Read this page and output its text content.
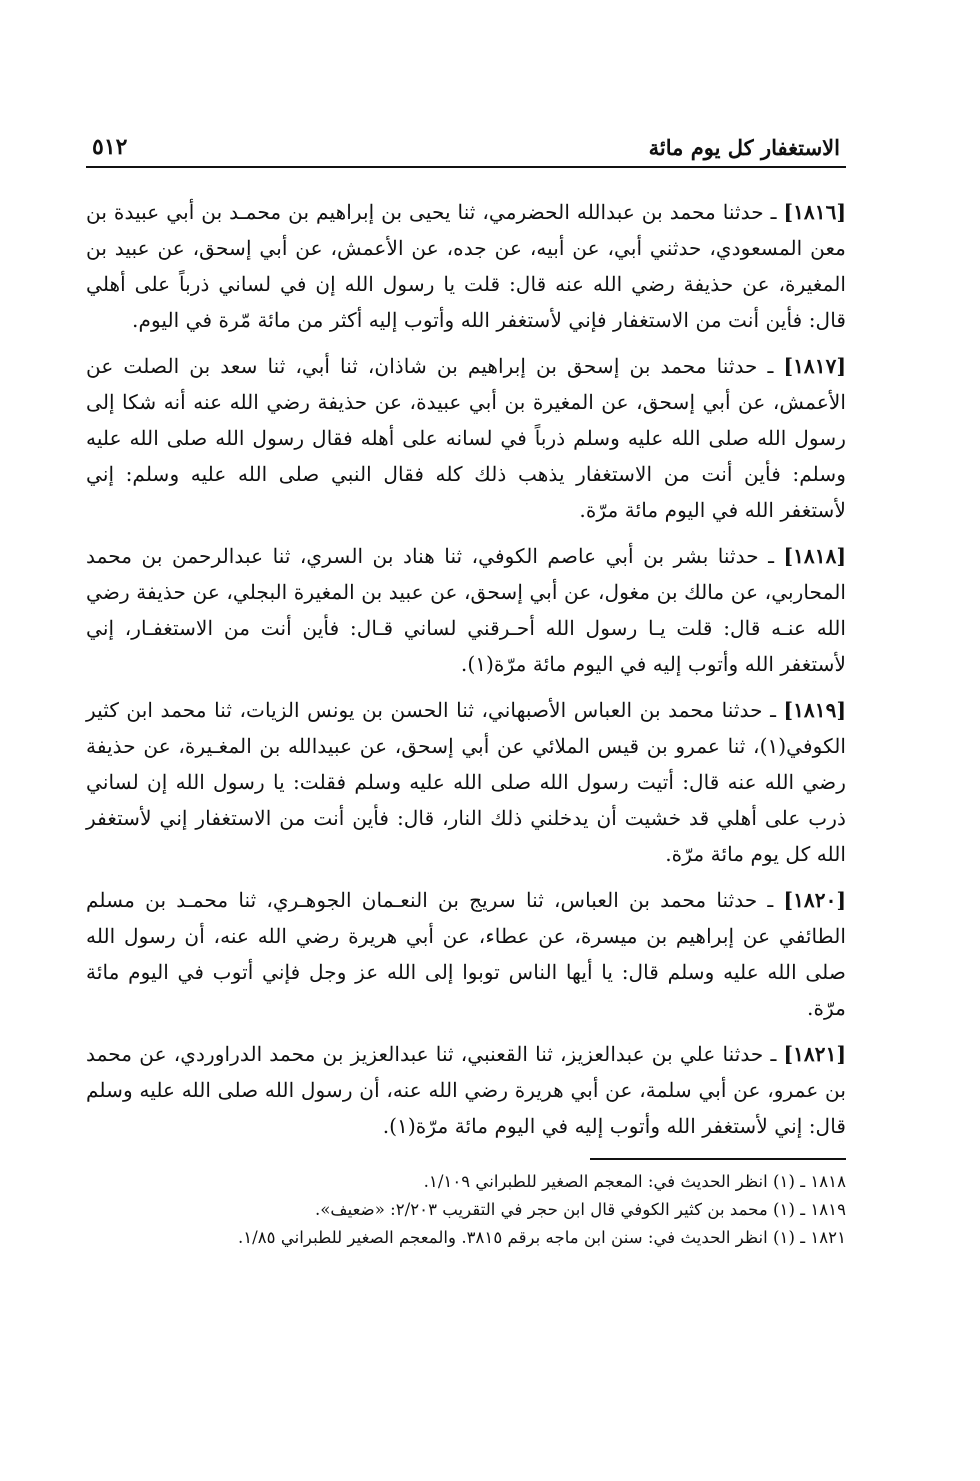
الاستغفار كل يوم مائة
٥١٢

[١٨١٦] ـ حدثنا محمد بن عبدالله الحضرمي، ثنا يحيى بن إبراهيم بن محمـد بن أبي عبيدة بن معن المسعودي، حدثني أبي، عن أبيه، عن جده، عن الأعمش، عن أبي إسحق، عن عبيد بن المغيرة، عن حذيفة رضي الله عنه قال: قلت يا رسول الله إن في لساني ذرباً على أهلي قال: فأين أنت من الاستغفار فإني لأستغفر الله وأتوب إليه أكثر من مائة مّرة في اليوم.

[١٨١٧] ـ حدثنا محمد بن إسحق بن إبراهيم بن شاذان، ثنا أبي، ثنا سعد بن الصلت عن الأعمش، عن أبي إسحق، عن المغيرة بن أبي عبيدة، عن حذيفة رضي الله عنه أنه شكا إلى رسول الله صلى الله عليه وسلم ذرباً في لسانه على أهله فقال رسول الله صلى الله عليه وسلم: فأين أنت من الاستغفار يذهب ذلك كله فقال النبي صلى الله عليه وسلم: إني لأستغفر الله في اليوم مائة مرّة.

[١٨١٨] ـ حدثنا بشر بن أبي عاصم الكوفي، ثنا هناد بن السري، ثنا عبدالرحمن بن محمد المحاربي، عن مالك بن مغول، عن أبي إسحق، عن عبيد بن المغيرة البجلي، عن حذيفة رضي الله عنـه قال: قلت يـا رسول الله أحـرقني لساني قـال: فأين أنت من الاستغفـار، إني لأستغفر الله وأتوب إليه في اليوم مائة مرّة(١).

[١٨١٩] ـ حدثنا محمد بن العباس الأصبهاني، ثنا الحسن بن يونس الزيات، ثنا محمد ابن كثير الكوفي(١)، ثنا عمرو بن قيس الملائي عن أبي إسحق، عن عبيدالله بن المغـيرة، عن حذيفة رضي الله عنه قال: أتيت رسول الله صلى الله عليه وسلم فقلت: يا رسول الله إن لساني ذرب على أهلي قد خشيت أن يدخلني ذلك النار، قال: فأين أنت من الاستغفار إني لأستغفر الله كل يوم مائة مرّة.

[١٨٢٠] ـ حدثنا محمد بن العباس، ثنا سريج بن النعـمان الجوهـري، ثنا محمـد بن مسلم الطائفي عن إبراهيم بن ميسرة، عن عطاء، عن أبي هريرة رضي الله عنه، أن رسول الله صلى الله عليه وسلم قال: يا أيها الناس توبوا إلى الله عز وجل فإني أتوب في اليوم مائة مرّة.

[١٨٢١] ـ حدثنا علي بن عبدالعزيز، ثنا القعنبي، ثنا عبدالعزيز بن محمد الدراوردي، عن محمد بن عمرو، عن أبي سلمة، عن أبي هريرة رضي الله عنه، أن رسول الله صلى الله عليه وسلم قال: إني لأستغفر الله وأتوب إليه في اليوم مائة مرّة(١).

١٨١٨ ـ (١) انظر الحديث في: المعجم الصغير للطبراني ١/١٠٩.
١٨١٩ ـ (١) محمد بن كثير الكوفي قال ابن حجر في التقريب ٢/٢٠٣: «ضعيف».
١٨٢١ ـ (١) انظر الحديث في: سنن ابن ماجه برقم ٣٨١٥. والمعجم الصغير للطبراني ١/٨٥.
